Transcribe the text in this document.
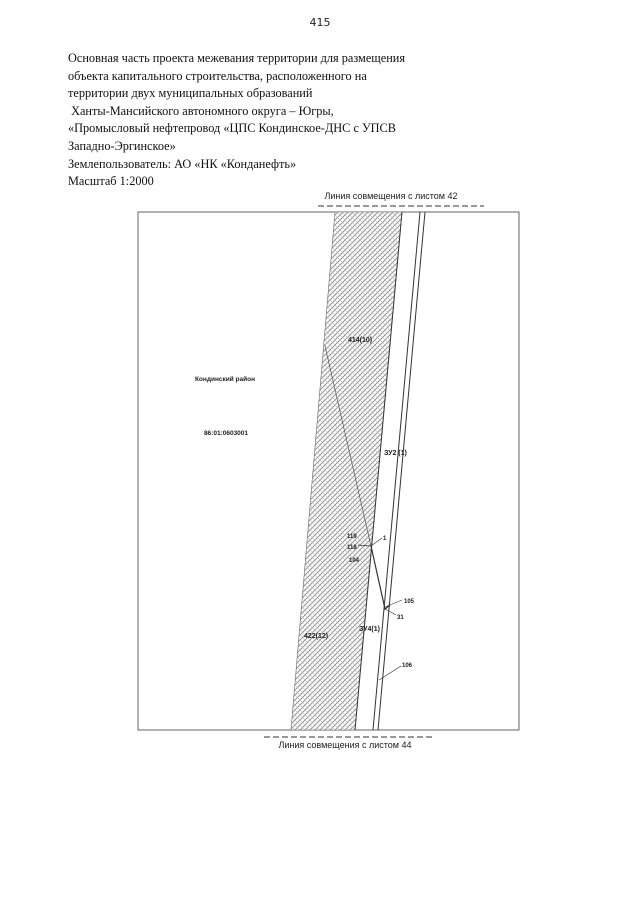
415
Основная часть проекта межевания территории для размещения
объекта капитального строительства, расположенного на
территории двух муниципальных образований
Ханты-Мансийского автономного округа – Югры,
«Промысловый нефтепровод «ЦПС Кондинское-ДНС с УПСВ
Западно-Эргинское»
Землепользователь: АО «НК «Конданефть»
Масштаб 1:2000
Линия совмещения с листом 42
Кондинский район
86:01:0603001
414(10)
ЗУ2 (1)
422(12)
ЗУ4(1)
119
118
104
1
105
31
106
Линия совмещения с листом 44
